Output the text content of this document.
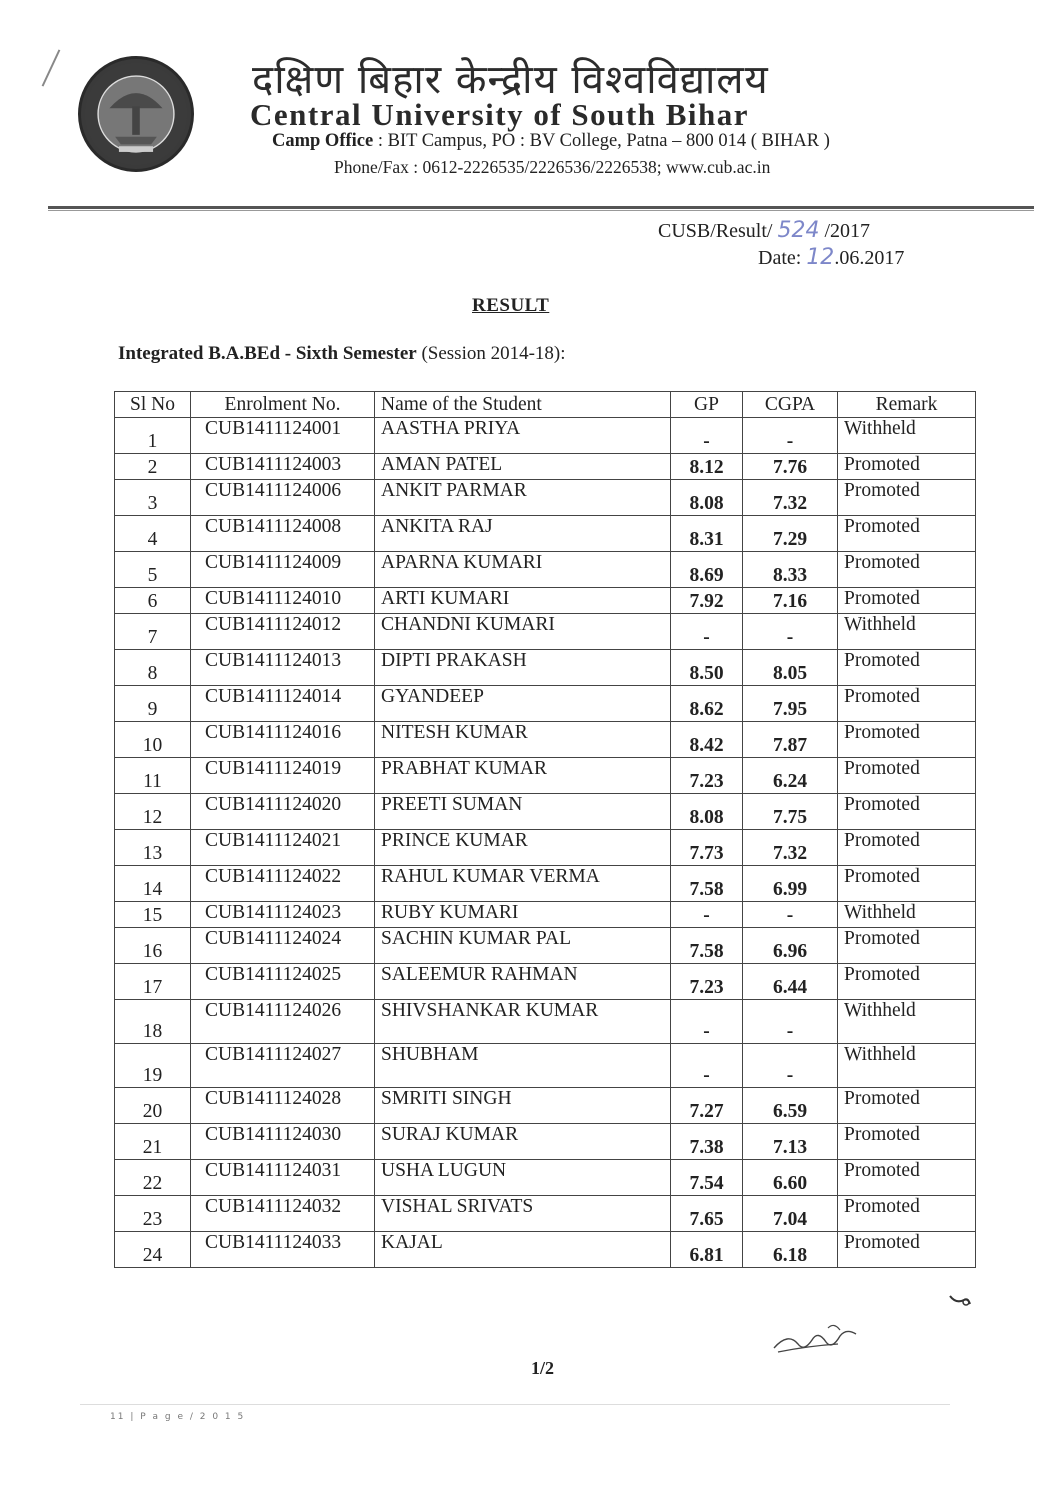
दक्षिण बिहार केन्द्रीय विश्वविद्यालय
Central University of South Bihar
Camp Office : BIT Campus, PO : BV College, Patna – 800 014 ( BIHAR )
Phone/Fax : 0612-2226535/2226536/2226538; www.cub.ac.in
CUSB/Result/ 524 /2017
Date: 12.06.2017
RESULT
Integrated B.A.BEd - Sixth Semester (Session 2014-18):
Sl No	Enrolment No.	Name of the Student	GP	CGPA	Remark
1	CUB1411124001	AASTHA PRIYA	-	-	Withheld
2	CUB1411124003	AMAN PATEL	8.12	7.76	Promoted
3	CUB1411124006	ANKIT PARMAR	8.08	7.32	Promoted
4	CUB1411124008	ANKITA RAJ	8.31	7.29	Promoted
5	CUB1411124009	APARNA KUMARI	8.69	8.33	Promoted
6	CUB1411124010	ARTI KUMARI	7.92	7.16	Promoted
7	CUB1411124012	CHANDNI KUMARI	-	-	Withheld
8	CUB1411124013	DIPTI PRAKASH	8.50	8.05	Promoted
9	CUB1411124014	GYANDEEP	8.62	7.95	Promoted
10	CUB1411124016	NITESH KUMAR	8.42	7.87	Promoted
11	CUB1411124019	PRABHAT KUMAR	7.23	6.24	Promoted
12	CUB1411124020	PREETI SUMAN	8.08	7.75	Promoted
13	CUB1411124021	PRINCE KUMAR	7.73	7.32	Promoted
14	CUB1411124022	RAHUL KUMAR VERMA	7.58	6.99	Promoted
15	CUB1411124023	RUBY KUMARI	-	-	Withheld
16	CUB1411124024	SACHIN KUMAR PAL	7.58	6.96	Promoted
17	CUB1411124025	SALEEMUR RAHMAN	7.23	6.44	Promoted
18	CUB1411124026	SHIVSHANKAR KUMAR	-	-	Withheld
19	CUB1411124027	SHUBHAM	-	-	Withheld
20	CUB1411124028	SMRITI SINGH	7.27	6.59	Promoted
21	CUB1411124030	SURAJ KUMAR	7.38	7.13	Promoted
22	CUB1411124031	USHA LUGUN	7.54	6.60	Promoted
23	CUB1411124032	VISHAL SRIVATS	7.65	7.04	Promoted
24	CUB1411124033	KAJAL	6.81	6.18	Promoted
1/2
11 | P a g e / 2 0 1 5
